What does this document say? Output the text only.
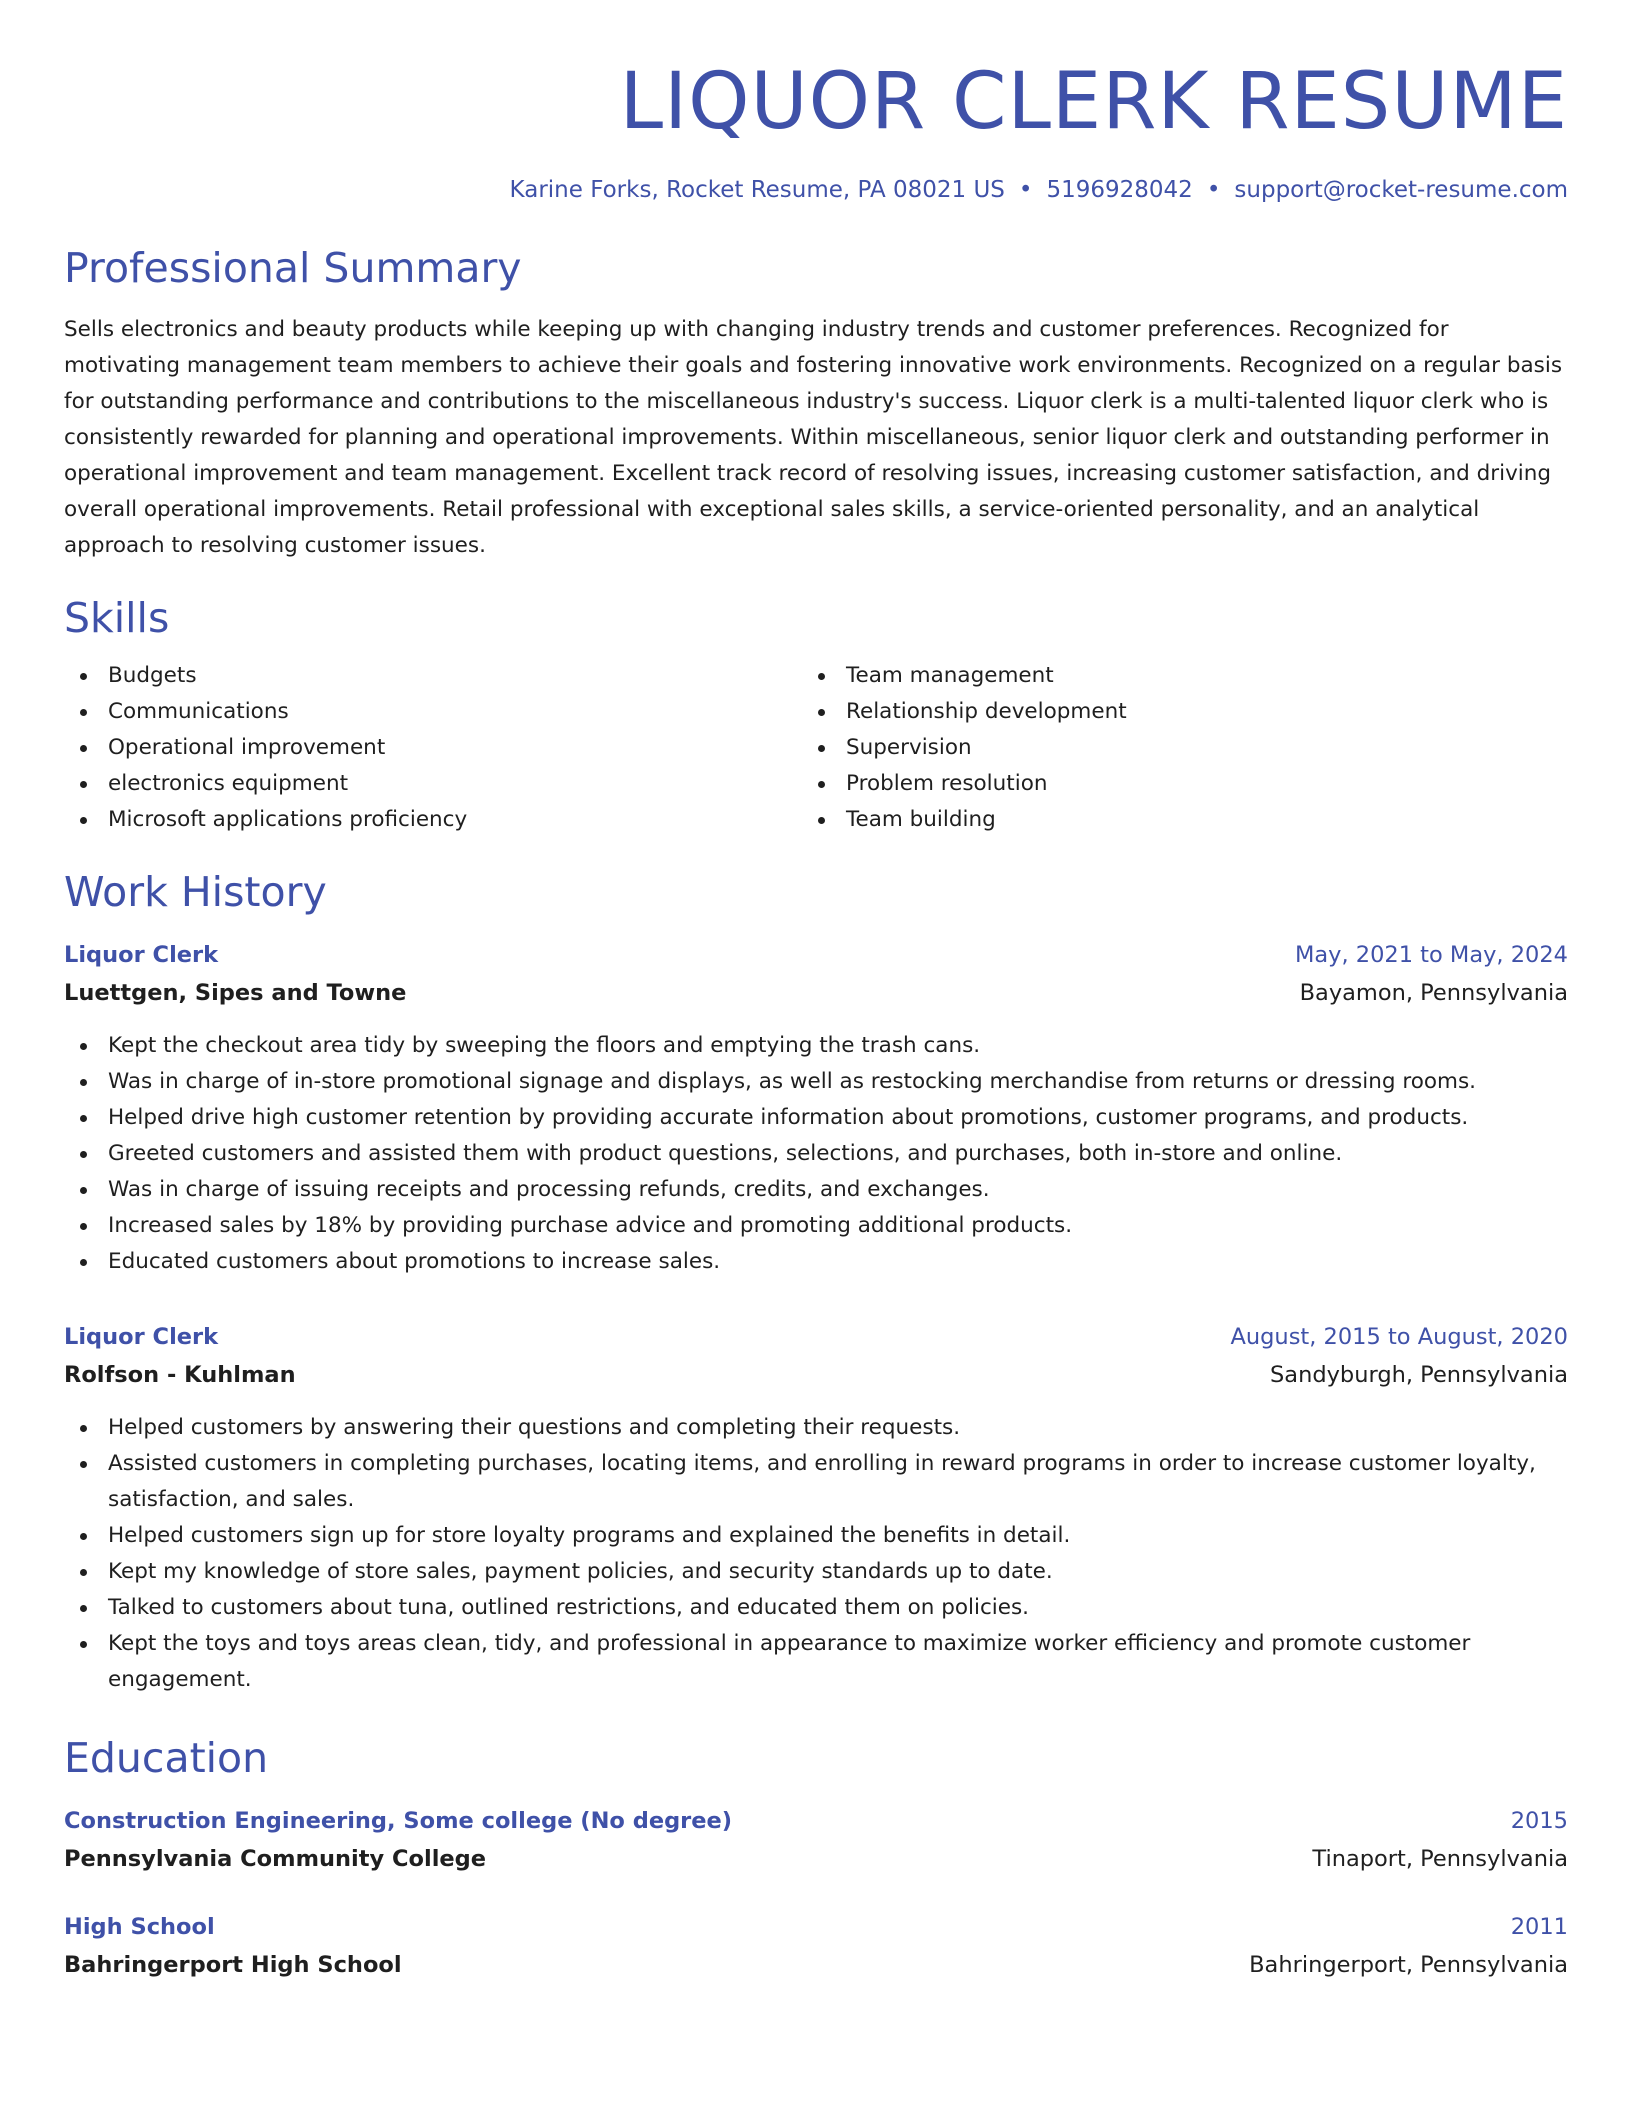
LIQUOR CLERK RESUME
Karine Forks, Rocket Resume, PA 08021 US • 5196928042 • support@rocket-resume.com
Professional Summary
Sells electronics and beauty products while keeping up with changing industry trends and customer preferences. Recognized for motivating management team members to achieve their goals and fostering innovative work environments. Recognized on a regular basis for outstanding performance and contributions to the miscellaneous industry's success. Liquor clerk is a multi-talented liquor clerk who is consistently rewarded for planning and operational improvements. Within miscellaneous, senior liquor clerk and outstanding performer in operational improvement and team management. Excellent track record of resolving issues, increasing customer satisfaction, and driving overall operational improvements. Retail professional with exceptional sales skills, a service-oriented personality, and an analytical approach to resolving customer issues.
Skills
Budgets
Communications
Operational improvement
electronics equipment
Microsoft applications proficiency
Team management
Relationship development
Supervision
Problem resolution
Team building
Work History
Liquor Clerk	May, 2021 to May, 2024
Luettgen, Sipes and Towne	Bayamon, Pennsylvania
Kept the checkout area tidy by sweeping the floors and emptying the trash cans.
Was in charge of in-store promotional signage and displays, as well as restocking merchandise from returns or dressing rooms.
Helped drive high customer retention by providing accurate information about promotions, customer programs, and products.
Greeted customers and assisted them with product questions, selections, and purchases, both in-store and online.
Was in charge of issuing receipts and processing refunds, credits, and exchanges.
Increased sales by 18% by providing purchase advice and promoting additional products.
Educated customers about promotions to increase sales.
Liquor Clerk	August, 2015 to August, 2020
Rolfson - Kuhlman	Sandyburgh, Pennsylvania
Helped customers by answering their questions and completing their requests.
Assisted customers in completing purchases, locating items, and enrolling in reward programs in order to increase customer loyalty, satisfaction, and sales.
Helped customers sign up for store loyalty programs and explained the benefits in detail.
Kept my knowledge of store sales, payment policies, and security standards up to date.
Talked to customers about tuna, outlined restrictions, and educated them on policies.
Kept the toys and toys areas clean, tidy, and professional in appearance to maximize worker efficiency and promote customer engagement.
Education
Construction Engineering, Some college (No degree)	2015
Pennsylvania Community College	Tinaport, Pennsylvania
High School	2011
Bahringerport High School	Bahringerport, Pennsylvania
